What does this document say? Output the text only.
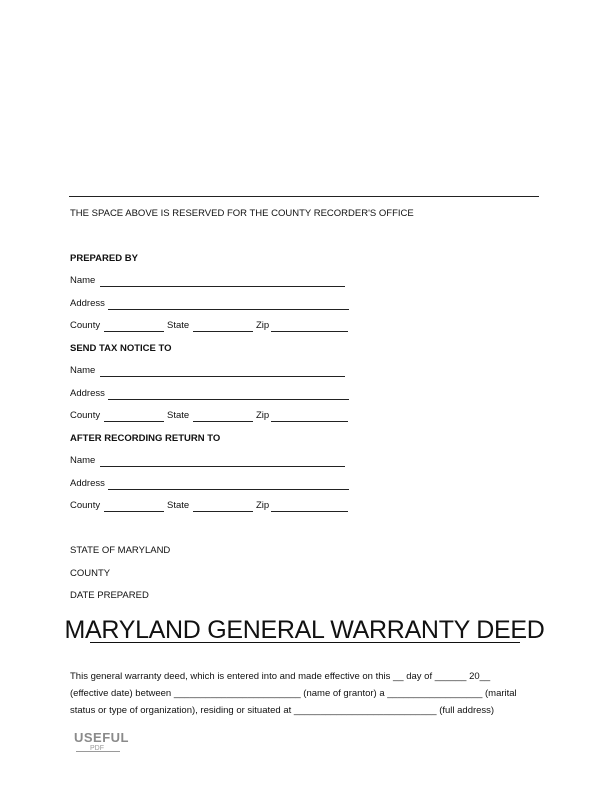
THE SPACE ABOVE IS RESERVED FOR THE COUNTY RECORDER'S OFFICE
PREPARED BY
Name
Address
County	State	Zip
SEND TAX NOTICE TO
Name
Address
County	State	Zip
AFTER RECORDING RETURN TO
Name
Address
County	State	Zip
STATE OF MARYLAND
COUNTY
DATE PREPARED
MARYLAND GENERAL WARRANTY DEED
This general warranty deed, which is entered into and made effective on this __ day of ______ 20__
(effective date) between ________________________ (name of grantor) a __________________ (marital
status or type of organization), residing or situated at ___________________________ (full address)
USEFUL
PDF
